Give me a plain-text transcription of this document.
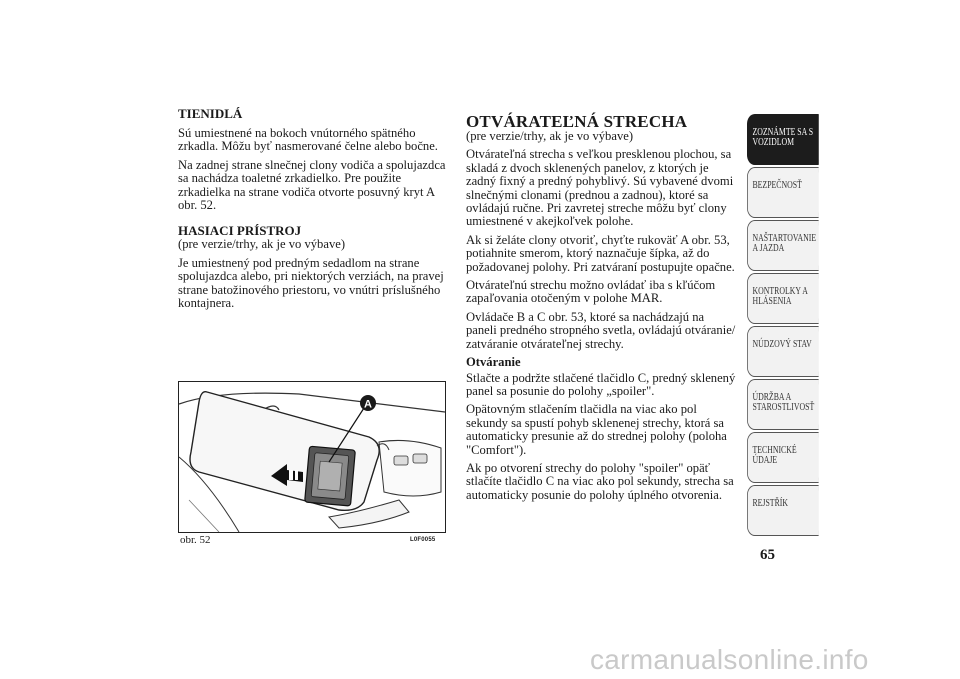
TIENIDLÁ

Sú umiestnené na bokoch vnútorného spätného zrkadla. Môžu byť nasmerované čelne alebo bočne.

Na zadnej strane slnečnej clony vodiča a spolujazdca sa nachádza toaletné zrkadielko. Pre použite zrkadielka na strane vodiča otvorte posuvný kryt A obr. 52.

HASIACI PRÍSTROJ

(pre verzie/trhy, ak je vo výbave)

Je umiestnený pod predným sedadlom na strane spolujazdca alebo, pri niektorých verziách, na pravej strane batožinového priestoru, vo vnútri príslušného kontajnera.

A
obr. 52	L0F0055
OTVÁRATEĽNÁ STRECHA

(pre verzie/trhy, ak je vo výbave)

Otvárateľná strecha s veľkou presklenou plochou, sa skladá z dvoch sklenených panelov, z ktorých je zadný fixný a predný pohyblivý. Sú vybavené dvomi slnečnými clonami (prednou a zadnou), ktoré sa ovládajú ručne. Pri zavretej streche môžu byť clony umiestnené v akejkoľvek polohe.

Ak si želáte clony otvoriť, chyťte rukoväť A obr. 53, potiahnite smerom, ktorý naznačuje šípka, až do požadovanej polohy. Pri zatváraní postupujte opačne.

Otvárateľnú strechu možno ovládať iba s kľúčom zapaľovania otočeným v polohe MAR.

Ovládače B a C obr. 53, ktoré sa nachádzajú na paneli predného stropného svetla, ovládajú otváranie/ zatváranie otvárateľnej strechy.

Otváranie

Stlačte a podržte stlačené tlačidlo C, predný sklenený panel sa posunie do polohy „spoiler".

Opätovným stlačením tlačidla na viac ako pol sekundy sa spustí pohyb sklenenej strechy, ktorá sa automaticky presunie až do strednej polohy (poloha "Comfort").

Ak po otvorení strechy do polohy "spoiler" opäť stlačíte tlačidlo C na viac ako pol sekundy, strecha sa automaticky posunie do polohy úplného otvorenia.

ZOZNÁMTE SA S
VOZIDLOM
BEZPEČNOSŤ
NAŠTARTOVANIE
A JAZDA
KONTROLKY A
HLÁSENIA
NÚDZOVÝ STAV
ÚDRŽBA A
STAROSTLIVOSŤ
TECHNICKÉ
ÚDAJE
REJSTŘÍK
65
carmanualsonline.info
